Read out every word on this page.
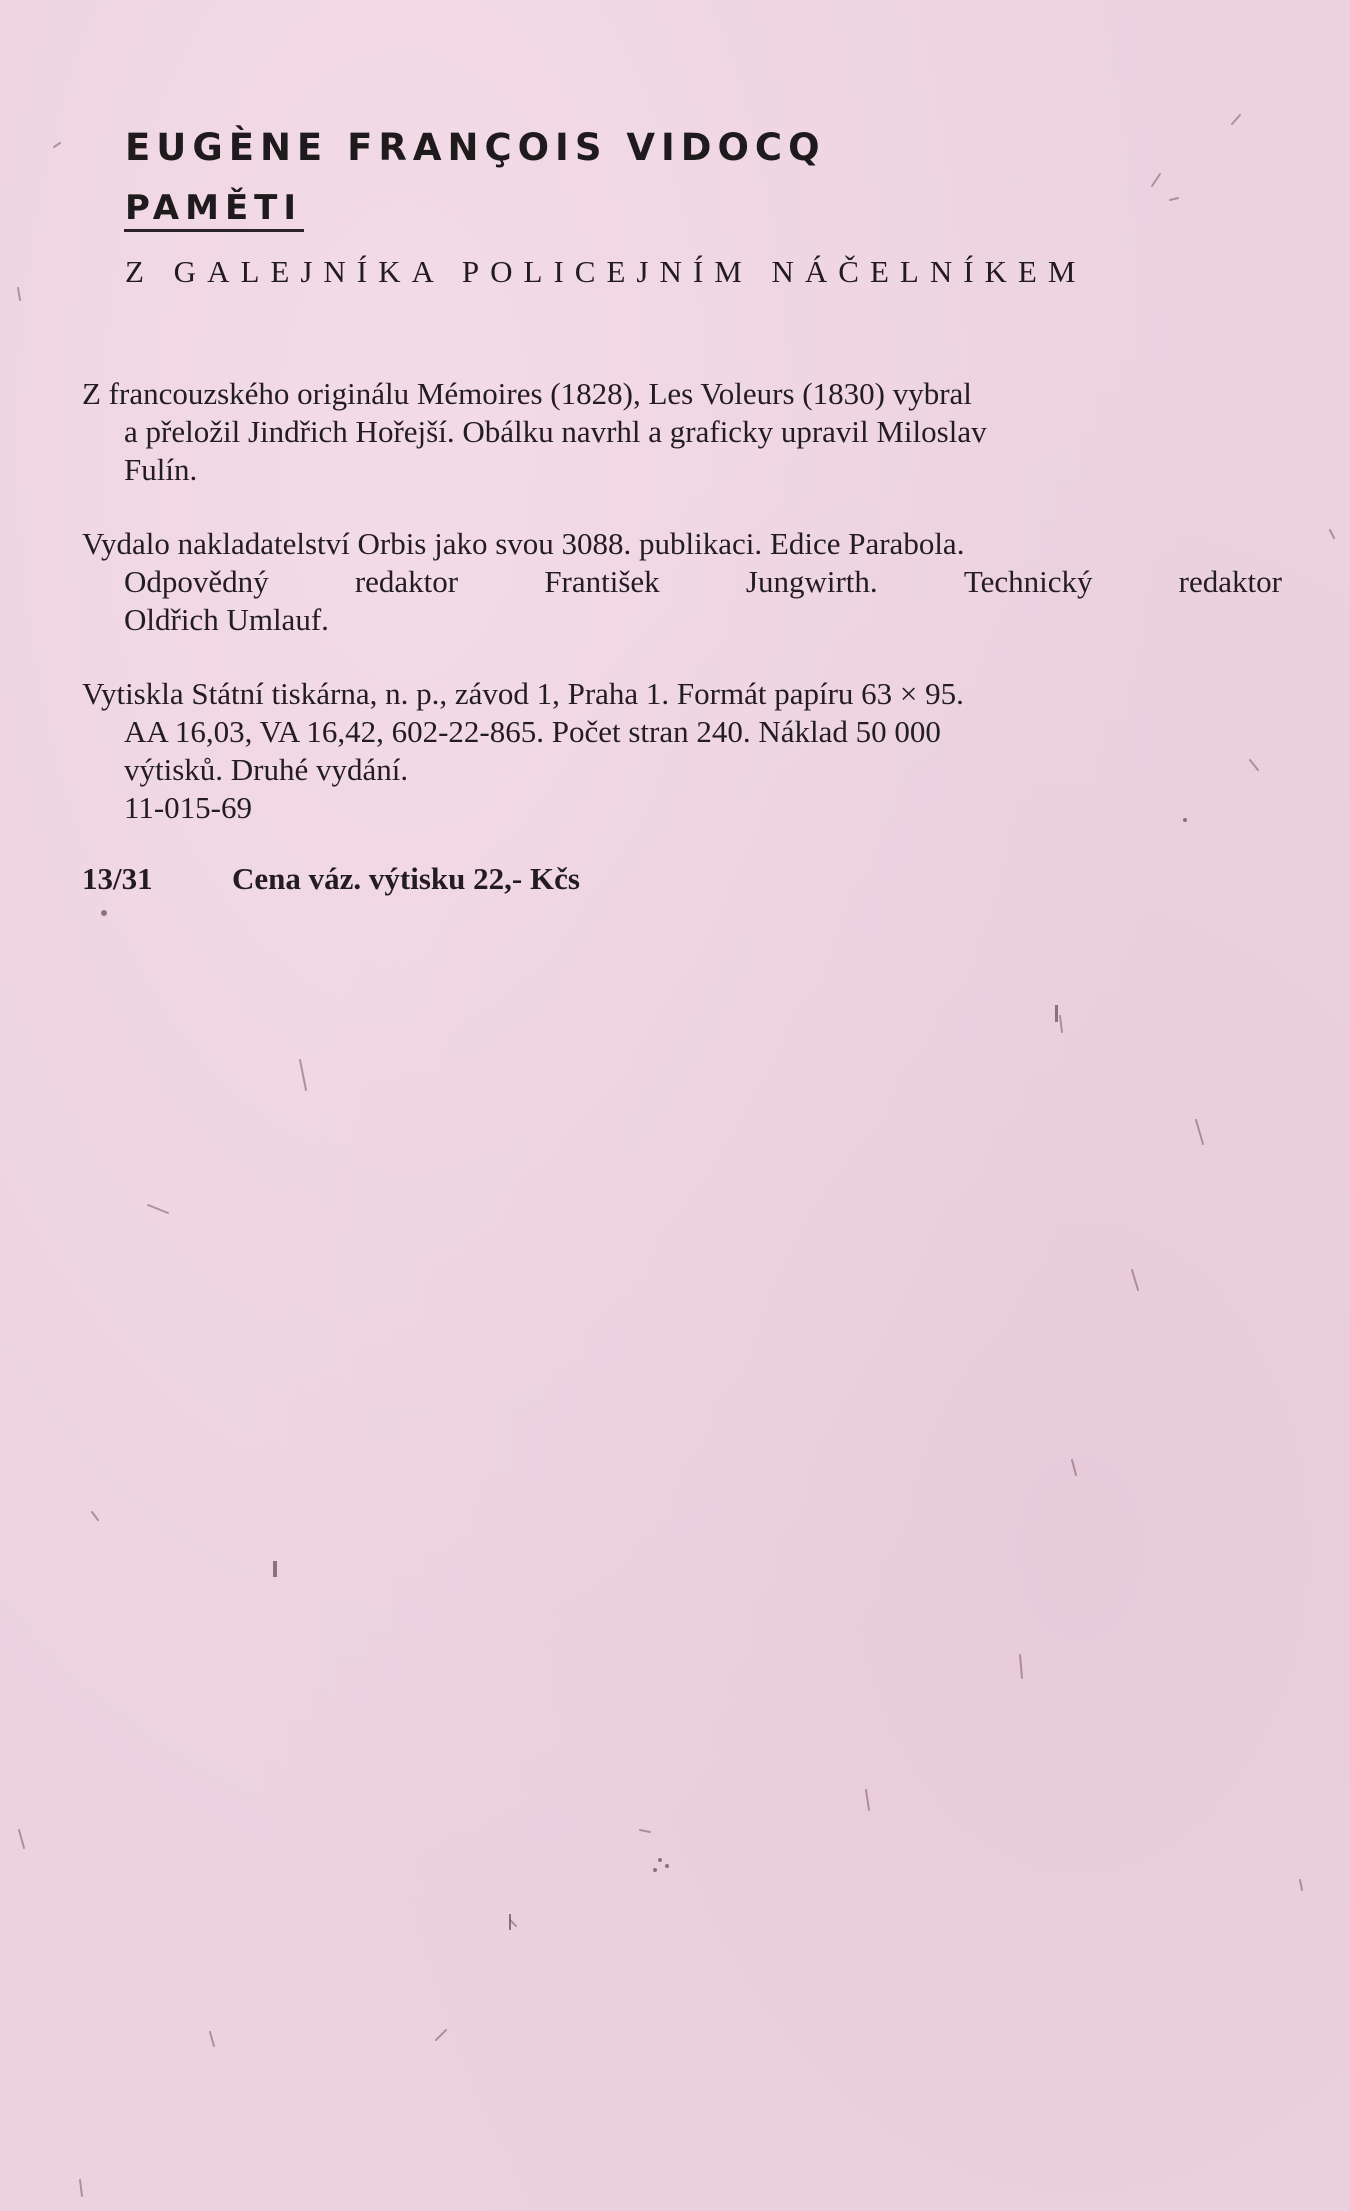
EUGÈNE FRANÇOIS VIDOCQ
PAMĚTI
Z GALEJNÍKA POLICEJNÍM NÁČELNÍKEM
Z francouzského originálu Mémoires (1828), Les Voleurs (1830) vybral
a přeložil Jindřich Hořejší. Obálku navrhl a graficky upravil Miloslav
Fulín.
Vydalo nakladatelství Orbis jako svou 3088. publikaci. Edice Parabola.
Odpovědný	redaktor	František	Jungwirth.	Technický	redaktor
Oldřich Umlauf.
Vytiskla Státní tiskárna, n. p., závod 1, Praha 1. Formát papíru 63 × 95.
AA 16,03, VA 16,42, 602-22-865. Počet stran 240. Náklad 50 000
výtisků. Druhé vydání.
11-015-69
13/31	Cena váz. výtisku 22,- Kčs
